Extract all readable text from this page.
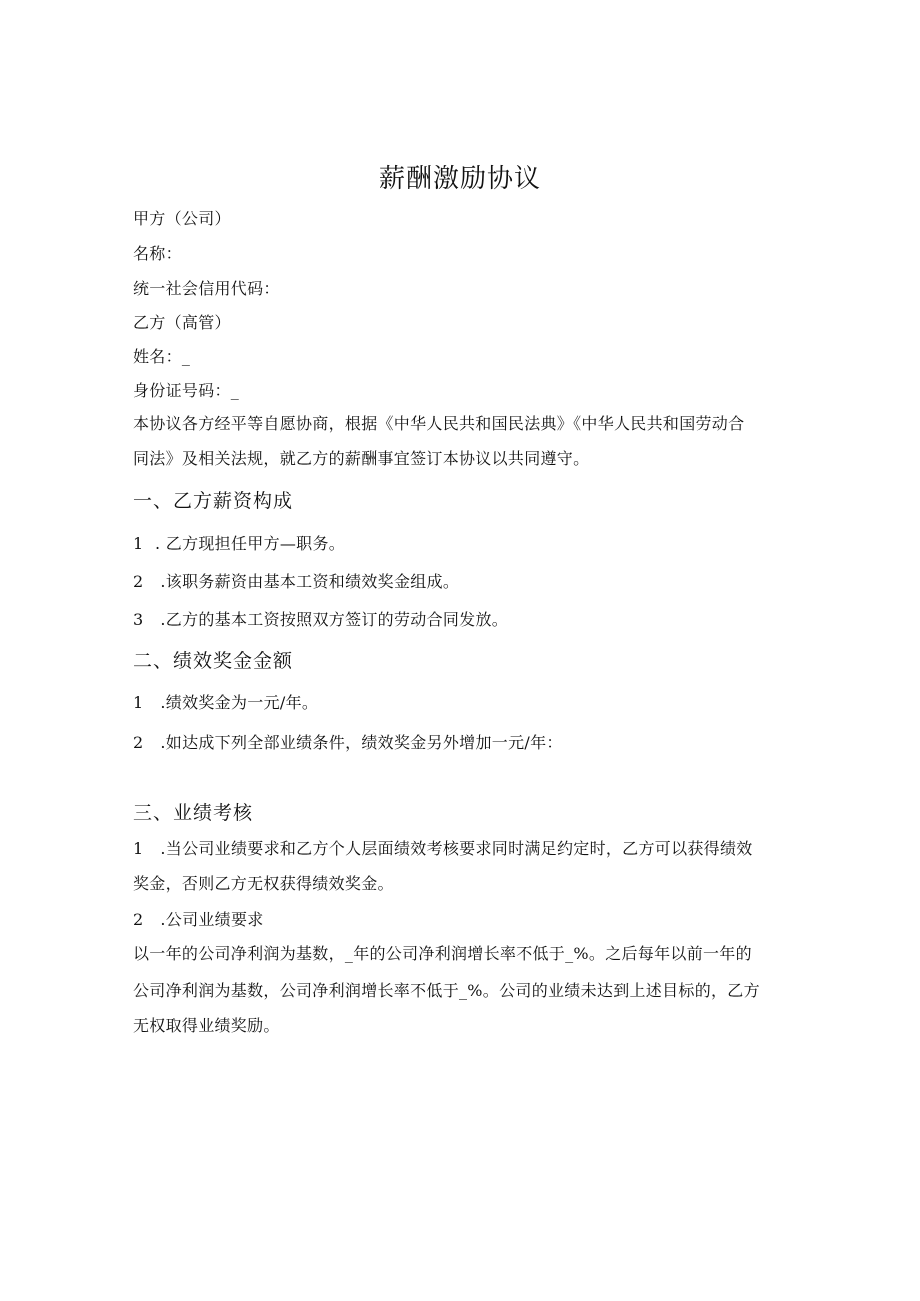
薪酬激励协议
甲方（公司）
名称：
统一社会信用代码：
乙方（高管）
姓名：_
身份证号码：_
本协议各方经平等自愿协商，根据《中华人民共和国民法典》《中华人民共和国劳动合
同法》及相关法规，就乙方的薪酬事宜签订本协议以共同遵守。
一、乙方薪资构成
1 . 乙方现担任甲方—职务。
2 .该职务薪资由基本工资和绩效奖金组成。
3 .乙方的基本工资按照双方签订的劳动合同发放。
二、绩效奖金金额
1 .绩效奖金为一元/年。
2 .如达成下列全部业绩条件，绩效奖金另外增加一元/年：
三、业绩考核
1 .当公司业绩要求和乙方个人层面绩效考核要求同时满足约定时，乙方可以获得绩效
奖金，否则乙方无权获得绩效奖金。
2 .公司业绩要求
以一年的公司净利润为基数，_年的公司净利润增长率不低于_%。之后每年以前一年的
公司净利润为基数，公司净利润增长率不低于_%。公司的业绩未达到上述目标的，乙方
无权取得业绩奖励。
